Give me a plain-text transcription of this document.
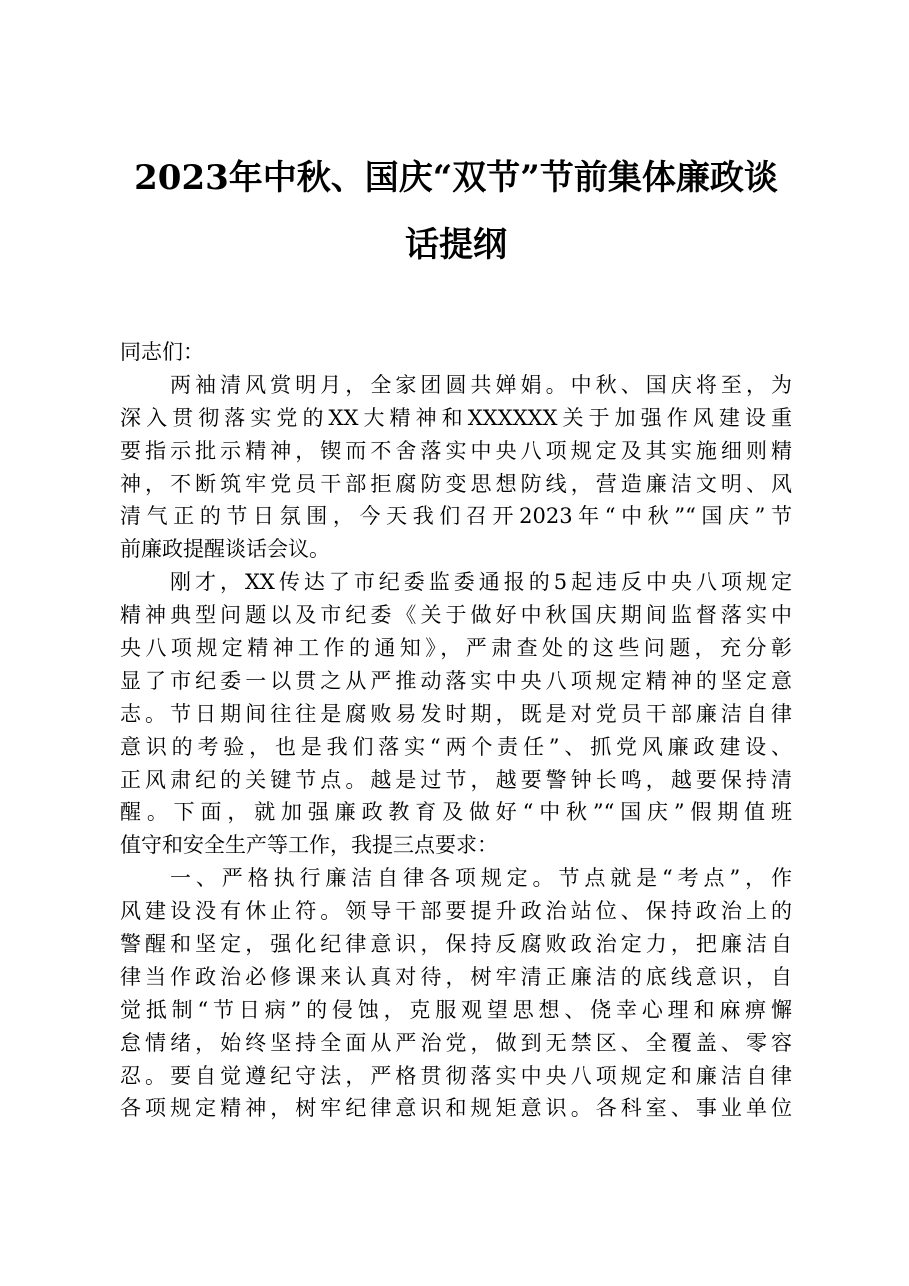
2023年中秋、国庆“双节”节前集体廉政谈
话提纲
同志们：
两袖清风赏明月，全家团圆共婵娟。中秋、国庆将至，为
深入贯彻落实党的XX大精神和XXXXXX关于加强作风建设重
要指示批示精神，锲而不舍落实中央八项规定及其实施细则精
神，不断筑牢党员干部拒腐防变思想防线，营造廉洁文明、风
清气正的节日氛围，今天我们召开2023年“中秋”“国庆”节
前廉政提醒谈话会议。
刚才，XX传达了市纪委监委通报的5起违反中央八项规定
精神典型问题以及市纪委《关于做好中秋国庆期间监督落实中
央八项规定精神工作的通知》，严肃查处的这些问题，充分彰
显了市纪委一以贯之从严推动落实中央八项规定精神的坚定意
志。节日期间往往是腐败易发时期，既是对党员干部廉洁自律
意识的考验，也是我们落实“两个责任”、抓党风廉政建设、
正风肃纪的关键节点。越是过节，越要警钟长鸣，越要保持清
醒。下面，就加强廉政教育及做好“中秋”“国庆”假期值班
值守和安全生产等工作，我提三点要求：
一、严格执行廉洁自律各项规定。节点就是“考点”，作
风建设没有休止符。领导干部要提升政治站位、保持政治上的
警醒和坚定，强化纪律意识，保持反腐败政治定力，把廉洁自
律当作政治必修课来认真对待，树牢清正廉洁的底线意识，自
觉抵制“节日病”的侵蚀，克服观望思想、侥幸心理和麻痹懈
怠情绪，始终坚持全面从严治党，做到无禁区、全覆盖、零容
忍。要自觉遵纪守法，严格贯彻落实中央八项规定和廉洁自律
各项规定精神，树牢纪律意识和规矩意识。各科室、事业单位
